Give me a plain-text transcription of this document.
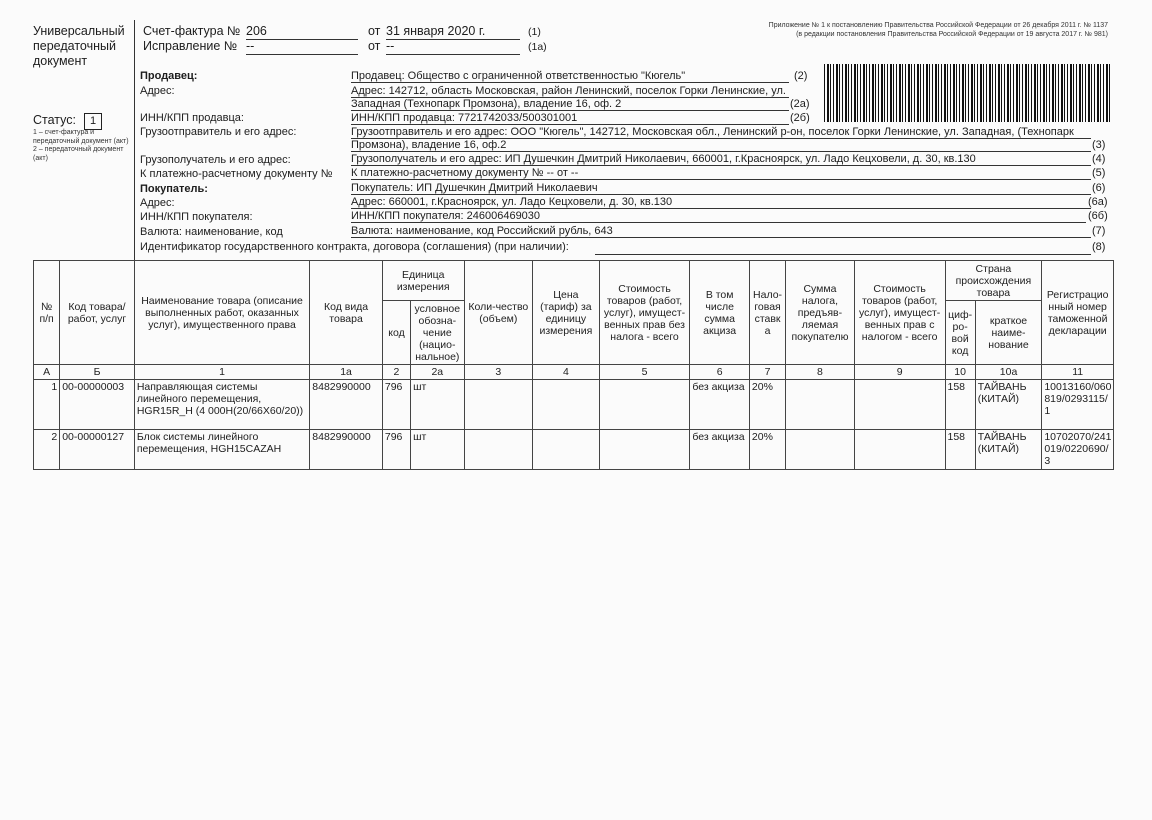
Универсальный передаточный документ
Статус:	1
1 – счет-фактура и передаточный документ (акт)
2 – передаточный документ (акт)
Счет-фактура № 206	от 31 января 2020 г.	(1)
Исправление № --	от --	(1а)
Приложение № 1 к постановлению Правительства Российской Федерации от 26 декабря 2011 г. № 1137
(в редакции постановления Правительства Российской Федерации от 19 августа 2017 г. № 981)
Продавец:	Продавец: Общество с ограниченной ответственностью "Кюгель"	(2)
Адрес:	Адрес: 142712, область Московская, район Ленинский, поселок Горки Ленинские, ул.
Западная (Технопарк Промзона), владение 16, оф. 2	(2а)
ИНН/КПП продавца:	ИНН/КПП продавца: 7721742033/500301001	(2б)
Грузоотправитель и его адрес:	Грузоотправитель и его адрес: ООО "Кюгель", 142712, Московская обл., Ленинский р-он, поселок Горки Ленинские, ул. Западная, (Технопарк
Промзона), владение 16, оф.2	(3)
Грузополучатель и его адрес:	Грузополучатель и его адрес: ИП Душечкин Дмитрий Николаевич, 660001, г.Красноярск, ул. Ладо Кецховели, д. 30, кв.130	(4)
К платежно-расчетному документу № К платежно-расчетному документу № -- от --	(5)
Покупатель:	Покупатель: ИП Душечкин Дмитрий Николаевич	(6)
Адрес:	Адрес: 660001, г.Красноярск, ул. Ладо Кецховели, д. 30, кв.130	(6а)
ИНН/КПП покупателя:	ИНН/КПП покупателя: 246006469030	(6б)
Валюта: наименование, код	Валюта: наименование, код Российский рубль, 643	(7)
Идентификатор государственного контракта, договора (соглашения) (при наличии):	(8)
№ п/п	Код товара/ работ, услуг	Наименование товара (описание выполненных работ, оказанных услуг), имущественного права	Код вида товара	Единица измерения		Коли-чество (объем)	Цена (тариф) за единицу измерения	Стоимость товаров (работ, услуг), имущест-венных прав без налога - всего	В том числе сумма акциза	Нало-говая ставк а	Сумма налога, предъяв-ляемая покупателю	Стоимость товаров (работ, услуг), имущест-венных прав с налогом - всего	Страна происхождения товара		Регистрацио нный номер таможенной декларации
				код	условное обозна-чение (нацио-нальное)								циф-ро-вой код	краткое наиме-нование	
А	Б	1	1а	2	2а	3	4	5	6	7	8	9	10	10а	11
1	00-00000003	Направляющая системы линейного перемещения, HGR15R_H (4 000Н(20/66Х60/20))	8482990000	796	шт				без акциза	20%			158	ТАЙВАНЬ (КИТАЙ)	10013160/060 819/0293115/ 1
2	00-00000127	Блок системы линейного перемещения, HGH15CAZAH	8482990000	796	шт				без акциза	20%			158	ТАЙВАНЬ (КИТАЙ)	10702070/241 019/0220690/ 3
